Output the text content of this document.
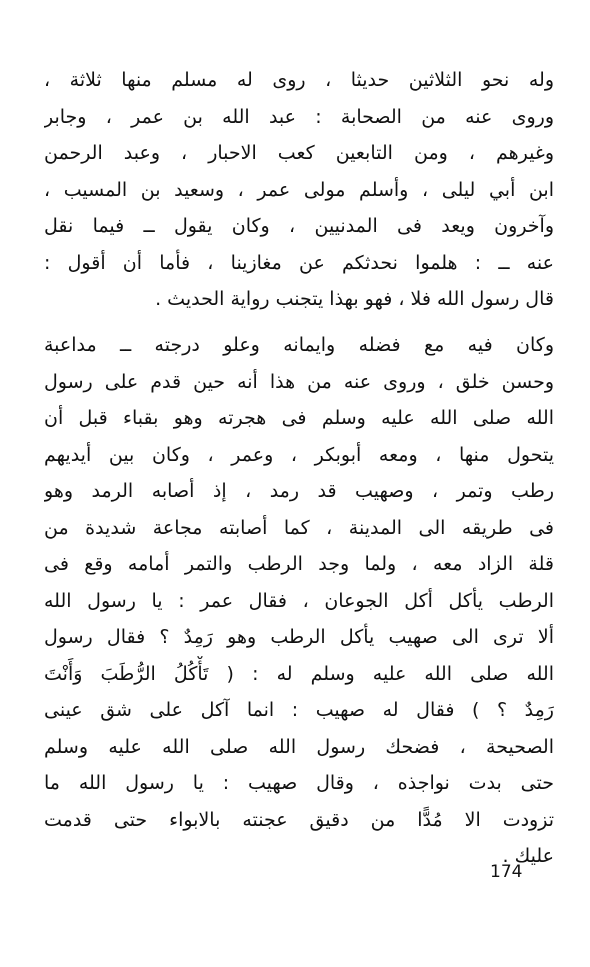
وله نحو الثلاثين حديثا ، روى له مسلم منها ثلاثة ،
وروى عنه من الصحابة : عبد الله بن عمر ، وجابر
وغيرهم ، ومن التابعين كعب الاحبار ، وعبد الرحمن
ابن أبي ليلى ، وأسلم مولى عمر ، وسعيد بن المسيب ،
وآخرون ويعد فى المدنيين ، وكان يقول ــ فيما نقل
عنه ــ : هلموا نحدثكم عن مغازينا ، فأما أن أقول :
قال رسول الله فلا ، فهو بهذا يتجنب رواية الحديث .
وكان فيه مع فضله وايمانه وعلو درجته ــ مداعبة
وحسن خلق ، وروى عنه من هذا أنه حين قدم على رسول
الله صلى الله عليه وسلم فى هجرته وهو بقباء قبل أن
يتحول منها ، ومعه أبوبكر ، وعمر ، وكان بين أيديهم
رطب وتمر ، وصهيب قد رمد ، إذ أصابه الرمد وهو
فى طريقه الى المدينة ، كما أصابته مجاعة شديدة من
قلة الزاد معه ، ولما وجد الرطب والتمر أمامه وقع فى
الرطب يأكل أكل الجوعان ، فقال عمر : يا رسول الله
ألا ترى الى صهيب يأكل الرطب وهو رَمِدٌ ؟ فقال رسول
الله صلى الله عليه وسلم له : ( تَأْكُلُ الرُّطَبَ وَأَنْتَ
رَمِدٌ ؟ ) فقال له صهيب : انما آكل على شق عينى
الصحيحة ، فضحك رسول الله صلى الله عليه وسلم
حتى بدت نواجذه ، وقال صهيب : يا رسول الله ما
تزودت الا مُدًّا من دقيق عجنته بالابواء حتى قدمت
عليك .
174
